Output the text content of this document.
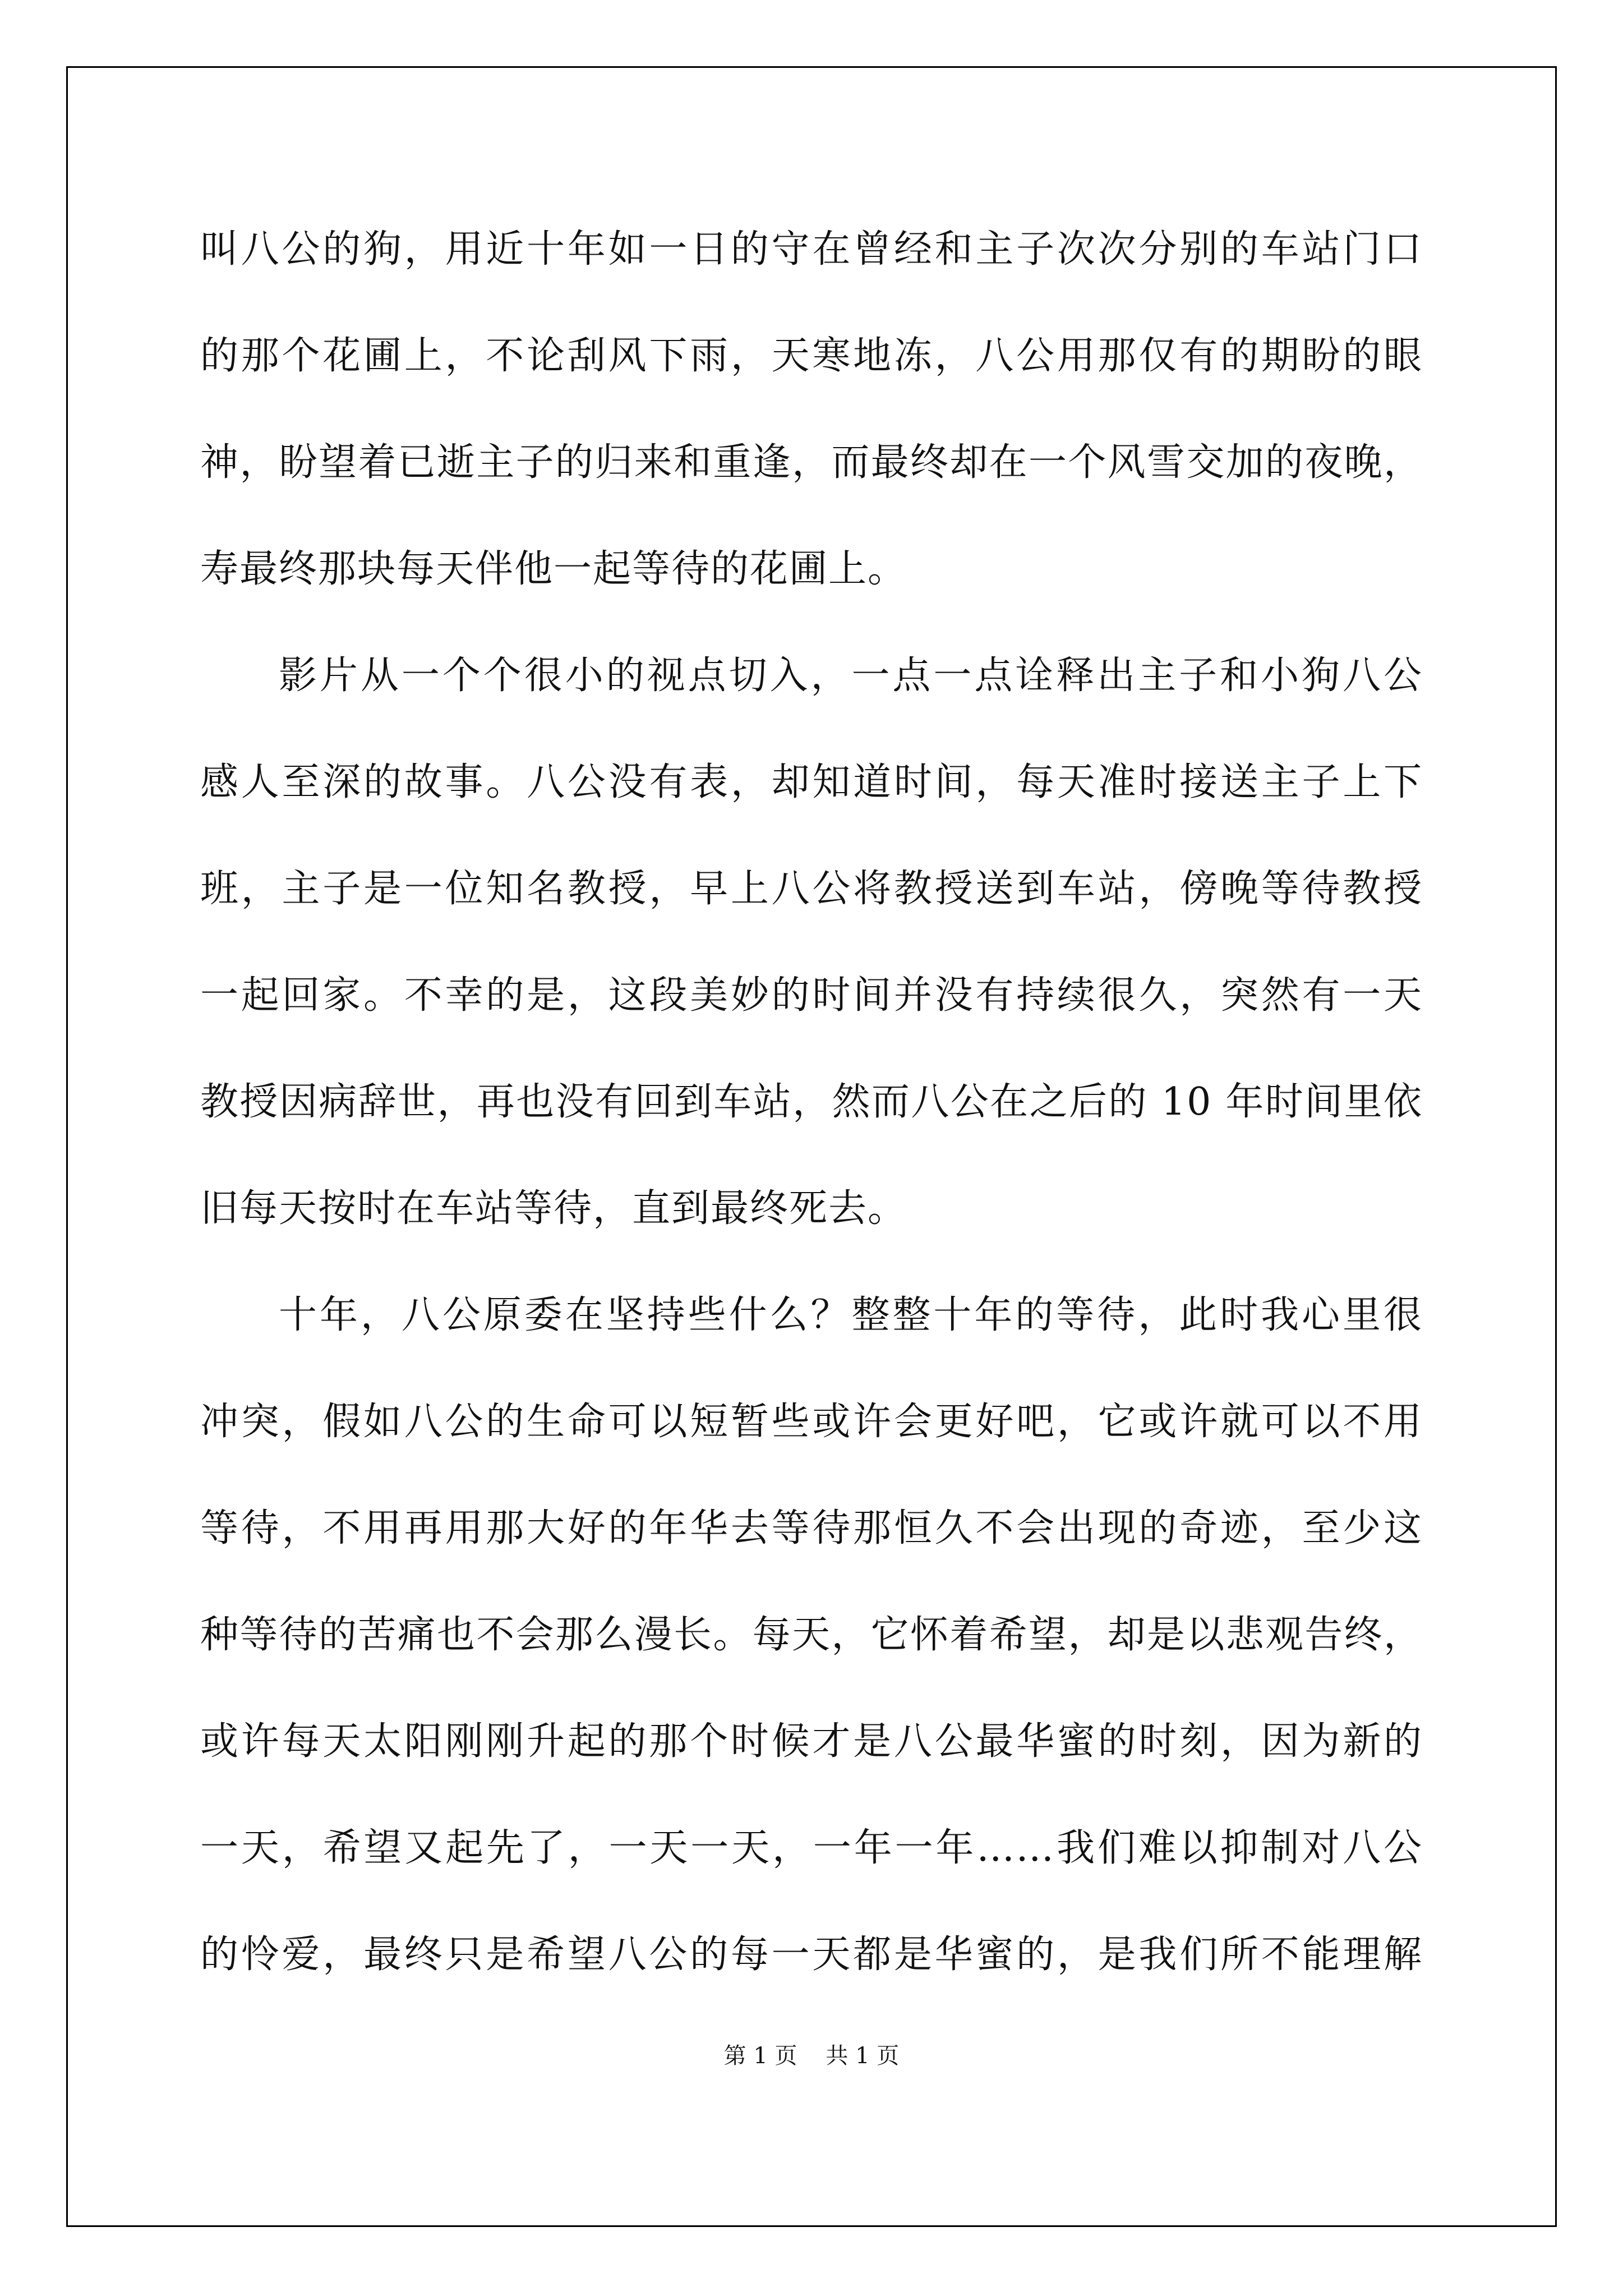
叫八公的狗，用近十年如一日的守在曾经和主子次次分别的车站门口
的那个花圃上，不论刮风下雨，天寒地冻，八公用那仅有的期盼的眼
神，盼望着已逝主子的归来和重逢，而最终却在一个风雪交加的夜晚，
寿最终那块每天伴他一起等待的花圃上。
影片从一个个很小的视点切入，一点一点诠释出主子和小狗八公
感人至深的故事。八公没有表，却知道时间，每天准时接送主子上下
班，主子是一位知名教授，早上八公将教授送到车站，傍晚等待教授
一起回家。不幸的是，这段美妙的时间并没有持续很久，突然有一天
教授因病辞世，再也没有回到车站，然而八公在之后的 10 年时间里依
旧每天按时在车站等待，直到最终死去。
十年，八公原委在坚持些什么？整整十年的等待，此时我心里很
冲突，假如八公的生命可以短暂些或许会更好吧，它或许就可以不用
等待，不用再用那大好的年华去等待那恒久不会出现的奇迹，至少这
种等待的苦痛也不会那么漫长。每天，它怀着希望，却是以悲观告终，
或许每天太阳刚刚升起的那个时候才是八公最华蜜的时刻，因为新的
一天，希望又起先了，一天一天，一年一年……我们难以抑制对八公
的怜爱，最终只是希望八公的每一天都是华蜜的，是我们所不能理解
第 1 页 共 1 页
